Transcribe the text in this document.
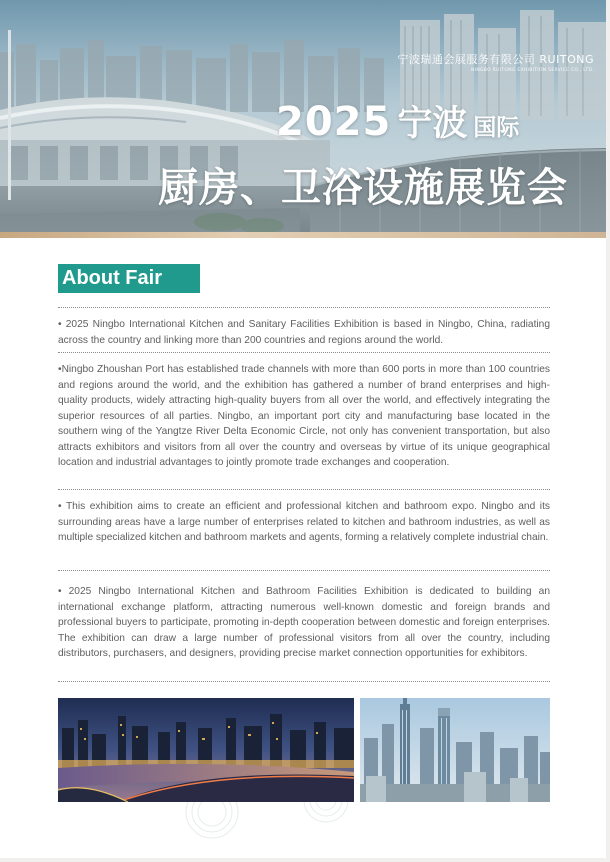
宁波瑞通会展服务有限公司 RUITONG
NINGBO RUITONG EXHIBITION SERVICE CO., LTD.
2025 宁波 国际
厨房、卫浴设施展览会
About Fair

• 2025 Ningbo International Kitchen and Sanitary Facilities Exhibition is based in Ningbo, China, radiating across the country and linking more than 200 countries and regions around the world.

•Ningbo Zhoushan Port has established trade channels with more than 600 ports in more than 100 countries and regions around the world, and the exhibition has gathered a number of brand enterprises and high-quality products, widely attracting high-quality buyers from all over the world, and effectively integrating the superior resources of all parties. Ningbo, an important port city and manufacturing base located in the southern wing of the Yangtze River Delta Economic Circle, not only has convenient transportation, but also attracts exhibitors and visitors from all over the country and overseas by virtue of its unique geographical location and industrial advantages to jointly promote trade exchanges and cooperation.

• This exhibition aims to create an efficient and professional kitchen and bathroom expo. Ningbo and its surrounding areas have a large number of enterprises related to kitchen and bathroom industries, as well as multiple specialized kitchen and bathroom markets and agents, forming a relatively complete industrial chain.

• 2025 Ningbo International Kitchen and Bathroom Facilities Exhibition is dedicated to building an international exchange platform, attracting numerous well-known domestic and foreign brands and professional buyers to participate, promoting in-depth cooperation between domestic and foreign enterprises. The exhibition can draw a large number of professional visitors from all over the country, including distributors, purchasers, and designers, providing precise market connection opportunities for exhibitors.
